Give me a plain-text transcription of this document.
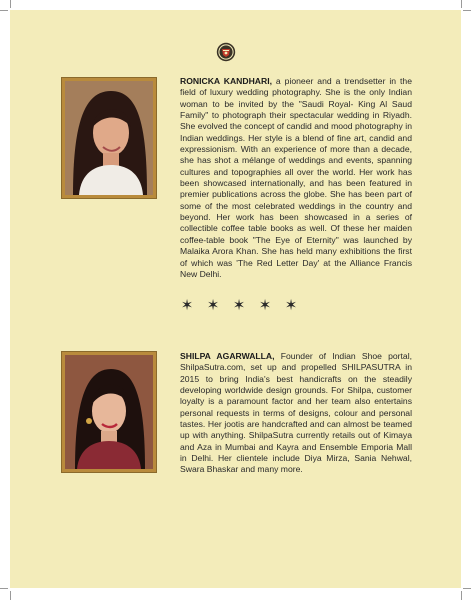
RONICKA KANDHARI, a pioneer and a trendsetter in the field of luxury wedding photography. She is the only Indian woman to be invited by the "Saudi Royal- King Al Saud Family" to photograph their spectacular wedding in Riyadh. She evolved the concept of candid and mood photography in Indian weddings. Her style is a blend of fine art, candid and expressionism. With an experience of more than a decade, she has shot a mélange of weddings and events, spanning cultures and topographies all over the world. Her work has been showcased internationally, and has been featured in premier publications across the globe. She has been part of some of the most celebrated weddings in the country and beyond. Her work has been showcased in a series of collectible coffee table books as well. Of these her maiden coffee-table book "The Eye of Eternity" was launched by Malaika Arora Khan. She has held many exhibitions the first of which was 'The Red Letter Day' at the Alliance Francis New Delhi.
✶ ✶ ✶ ✶ ✶
SHILPA AGARWALLA, Founder of Indian Shoe portal, ShilpaSutra.com, set up and propelled SHILPASUTRA in 2015 to bring India's best handicrafts on the steadily developing worldwide design grounds. For Shilpa, customer loyalty is a paramount factor and her team also entertains personal requests in terms of designs, colour and personal tastes. Her jootis are handcrafted and can almost be teamed up with anything. ShilpaSutra currently retails out of Kimaya and Aza in Mumbai and Kayra and Ensemble Emporia Mall in Delhi. Her clientele include Diya Mirza, Sania Nehwal, Swara Bhaskar and many more.
